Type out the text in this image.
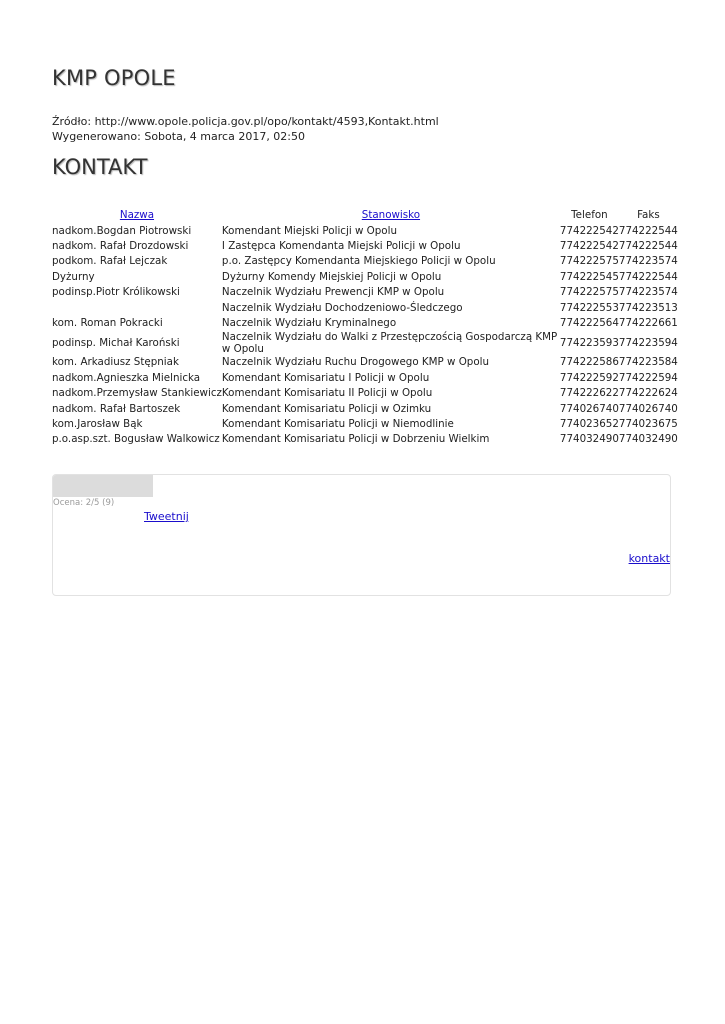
KMP OPOLE
Źródło: http://www.opole.policja.gov.pl/opo/kontakt/4593,Kontakt.html
Wygenerowano: Sobota, 4 marca 2017, 02:50
KONTAKT
Nazwa	Stanowisko	Telefon	Faks
nadkom.Bogdan Piotrowski	Komendant Miejski Policji w Opolu	774222542	774222544
nadkom. Rafał Drozdowski	I Zastępca Komendanta Miejski Policji w Opolu	774222542	774222544
podkom. Rafał Lejczak	p.o. Zastępcy Komendanta Miejskiego Policji w Opolu	774222575	774223574
Dyżurny	Dyżurny Komendy Miejskiej Policji w Opolu	774222545	774222544
podinsp.Piotr Królikowski	Naczelnik Wydziału Prewencji KMP w Opolu	774222575	774223574
	Naczelnik Wydziału Dochodzeniowo-Śledczego	774222553	774223513
kom. Roman Pokracki	Naczelnik Wydziału Kryminalnego	774222564	774222661
podinsp. Michał Karoński	Naczelnik Wydziału do Walki z Przestępczością Gospodarczą KMP w Opolu	774223593	774223594
kom. Arkadiusz Stępniak	Naczelnik Wydziału Ruchu Drogowego KMP w Opolu	774222586	774223584
nadkom.Agnieszka Mielnicka	Komendant Komisariatu I Policji w Opolu	774222592	774222594
nadkom.Przemysław Stankiewicz	Komendant Komisariatu II Policji w Opolu	774222622	774222624
nadkom. Rafał Bartoszek	Komendant Komisariatu Policji w Ozimku	774026740	774026740
kom.Jarosław Bąk	Komendant Komisariatu Policji w Niemodlinie	774023652	774023675
p.o.asp.szt. Bogusław Walkowicz	Komendant Komisariatu Policji w Dobrzeniu Wielkim	774032490	774032490
Ocena: 2/5 (9)
Tweetnij
kontakt
